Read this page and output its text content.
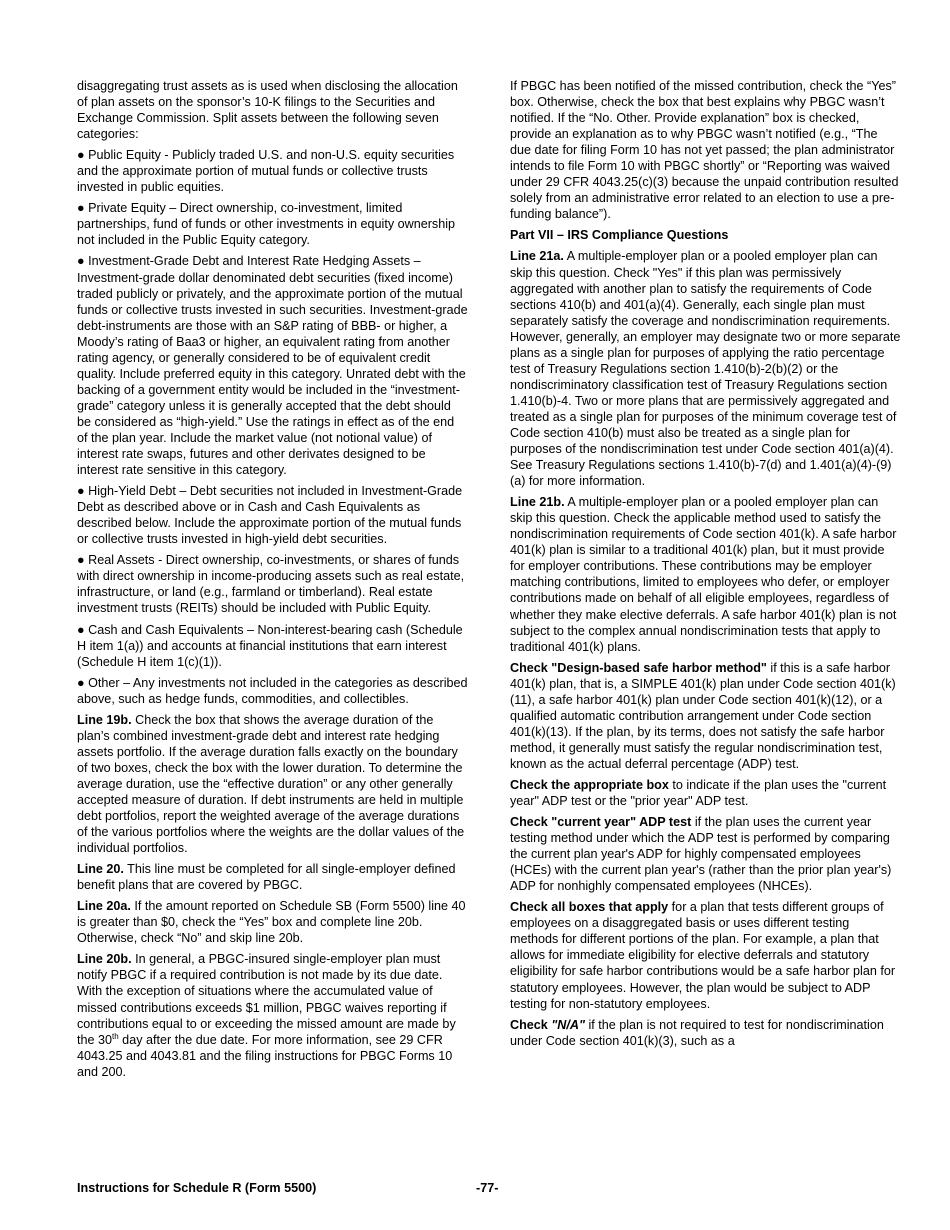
disaggregating trust assets as is used when disclosing the allocation of plan assets on the sponsor’s 10-K filings to the Securities and Exchange Commission. Split assets between the following seven categories:

● Public Equity - Publicly traded U.S. and non-U.S. equity securities and the approximate portion of mutual funds or collective trusts invested in public equities.

● Private Equity – Direct ownership, co-investment, limited partnerships, fund of funds or other investments in equity ownership not included in the Public Equity category.

● Investment-Grade Debt and Interest Rate Hedging Assets – Investment-grade dollar denominated debt securities (fixed income) traded publicly or privately, and the approximate portion of the mutual funds or collective trusts invested in such securities. Investment-grade debt-instruments are those with an S&P rating of BBB- or higher, a Moody’s rating of Baa3 or higher, an equivalent rating from another rating agency, or generally considered to be of equivalent credit quality. Include preferred equity in this category. Unrated debt with the backing of a government entity would be included in the “investment-grade” category unless it is generally accepted that the debt should be considered as “high-yield.” Use the ratings in effect as of the end of the plan year. Include the market value (not notional value) of interest rate swaps, futures and other derivates designed to be interest rate sensitive in this category.

● High-Yield Debt – Debt securities not included in Investment-Grade Debt as described above or in Cash and Cash Equivalents as described below. Include the approximate portion of the mutual funds or collective trusts invested in high-yield debt securities.

● Real Assets - Direct ownership, co-investments, or shares of funds with direct ownership in income-producing assets such as real estate, infrastructure, or land (e.g., farmland or timberland). Real estate investment trusts (REITs) should be included with Public Equity.

● Cash and Cash Equivalents – Non-interest-bearing cash (Schedule H item 1(a)) and accounts at financial institutions that earn interest (Schedule H item 1(c)(1)).

● Other – Any investments not included in the categories as described above, such as hedge funds, commodities, and collectibles.

Line 19b. Check the box that shows the average duration of the plan’s combined investment-grade debt and interest rate hedging assets portfolio. If the average duration falls exactly on the boundary of two boxes, check the box with the lower duration. To determine the average duration, use the “effective duration” or any other generally accepted measure of duration. If debt instruments are held in multiple debt portfolios, report the weighted average of the average durations of the various portfolios where the weights are the dollar values of the individual portfolios.

Line 20. This line must be completed for all single-employer defined benefit plans that are covered by PBGC.

Line 20a. If the amount reported on Schedule SB (Form 5500) line 40 is greater than $0, check the “Yes” box and complete line 20b. Otherwise, check “No” and skip line 20b.

Line 20b. In general, a PBGC-insured single-employer plan must notify PBGC if a required contribution is not made by its due date. With the exception of situations where the accumulated value of missed contributions exceeds $1 million, PBGC waives reporting if contributions equal to or exceeding the missed amount are made by the 30th day after the due date. For more information, see 29 CFR 4043.25 and 4043.81 and the filing instructions for PBGC Forms 10 and 200.

If PBGC has been notified of the missed contribution, check the “Yes” box. Otherwise, check the box that best explains why PBGC wasn’t notified. If the “No. Other. Provide explanation” box is checked, provide an explanation as to why PBGC wasn’t notified (e.g., “The due date for filing Form 10 has not yet passed; the plan administrator intends to file Form 10 with PBGC shortly” or “Reporting was waived under 29 CFR 4043.25(c)(3) because the unpaid contribution resulted solely from an administrative error related to an election to use a pre-funding balance”).

Part VII – IRS Compliance Questions

Line 21a. A multiple-employer plan or a pooled employer plan can skip this question. Check "Yes" if this plan was permissively aggregated with another plan to satisfy the requirements of Code sections 410(b) and 401(a)(4). Generally, each single plan must separately satisfy the coverage and nondiscrimination requirements. However, generally, an employer may designate two or more separate plans as a single plan for purposes of applying the ratio percentage test of Treasury Regulations section 1.410(b)-2(b)(2) or the nondiscriminatory classification test of Treasury Regulations section 1.410(b)-4. Two or more plans that are permissively aggregated and treated as a single plan for purposes of the minimum coverage test of Code section 410(b) must also be treated as a single plan for purposes of the nondiscrimination test under Code section 401(a)(4). See Treasury Regulations sections 1.410(b)-7(d) and 1.401(a)(4)-(9)(a) for more information.

Line 21b. A multiple-employer plan or a pooled employer plan can skip this question. Check the applicable method used to satisfy the nondiscrimination requirements of Code section 401(k). A safe harbor 401(k) plan is similar to a traditional 401(k) plan, but it must provide for employer contributions. These contributions may be employer matching contributions, limited to employees who defer, or employer contributions made on behalf of all eligible employees, regardless of whether they make elective deferrals. A safe harbor 401(k) plan is not subject to the complex annual nondiscrimination tests that apply to traditional 401(k) plans.

Check "Design-based safe harbor method" if this is a safe harbor 401(k) plan, that is, a SIMPLE 401(k) plan under Code section 401(k)(11), a safe harbor 401(k) plan under Code section 401(k)(12), or a qualified automatic contribution arrangement under Code section 401(k)(13). If the plan, by its terms, does not satisfy the safe harbor method, it generally must satisfy the regular nondiscrimination test, known as the actual deferral percentage (ADP) test.

Check the appropriate box to indicate if the plan uses the "current year" ADP test or the "prior year" ADP test.

Check "current year" ADP test if the plan uses the current year testing method under which the ADP test is performed by comparing the current plan year's ADP for highly compensated employees (HCEs) with the current plan year's (rather than the prior plan year's) ADP for nonhighly compensated employees (NHCEs).

Check all boxes that apply for a plan that tests different groups of employees on a disaggregated basis or uses different testing methods for different portions of the plan. For example, a plan that allows for immediate eligibility for elective deferrals and statutory eligibility for safe harbor contributions would be a safe harbor plan for statutory employees. However, the plan would be subject to ADP testing for non-statutory employees.

Check "N/A" if the plan is not required to test for nondiscrimination under Code section 401(k)(3), such as a

Instructions for Schedule R (Form 5500)	-77-
